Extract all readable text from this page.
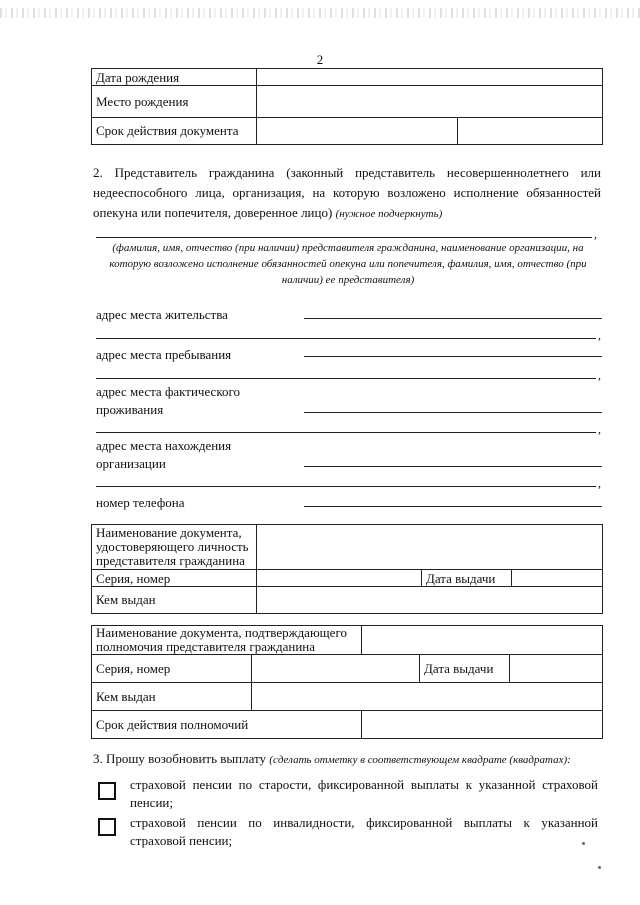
2
Дата рождения		
Место рождения		
Срок действия документа		
2. Представитель гражданина (законный представитель несовершеннолетнего или недееспособного лица, организация, на которую возложено исполнение обязанностей опекуна или попечителя, доверенное лицо) (нужное подчеркнуть)
,
(фамилия, имя, отчество (при наличии) представителя гражданина, наименование организации, на которую возложено исполнение обязанностей опекуна или попечителя, фамилия, имя, отчество (при наличии) ее представителя)
адрес места жительства
,
адрес места пребывания
,
адрес места фактического
проживания
,
адрес места нахождения
организации
,
номер телефона
Наименование документа, удостоверяющего личность представителя гражданина			
Серия, номер		Дата выдачи	
Кем выдан			
Наименование документа, подтверждающего полномочия представителя гражданина				
Серия, номер			Дата выдачи	
Кем выдан				
Срок действия полномочий				
3. Прошу возобновить выплату (сделать отметку в соответствующем квадрате (квадратах):
страховой пенсии по старости, фиксированной выплаты к указанной страховой пенсии;
страховой пенсии по инвалидности, фиксированной выплаты к указанной страховой пенсии;
